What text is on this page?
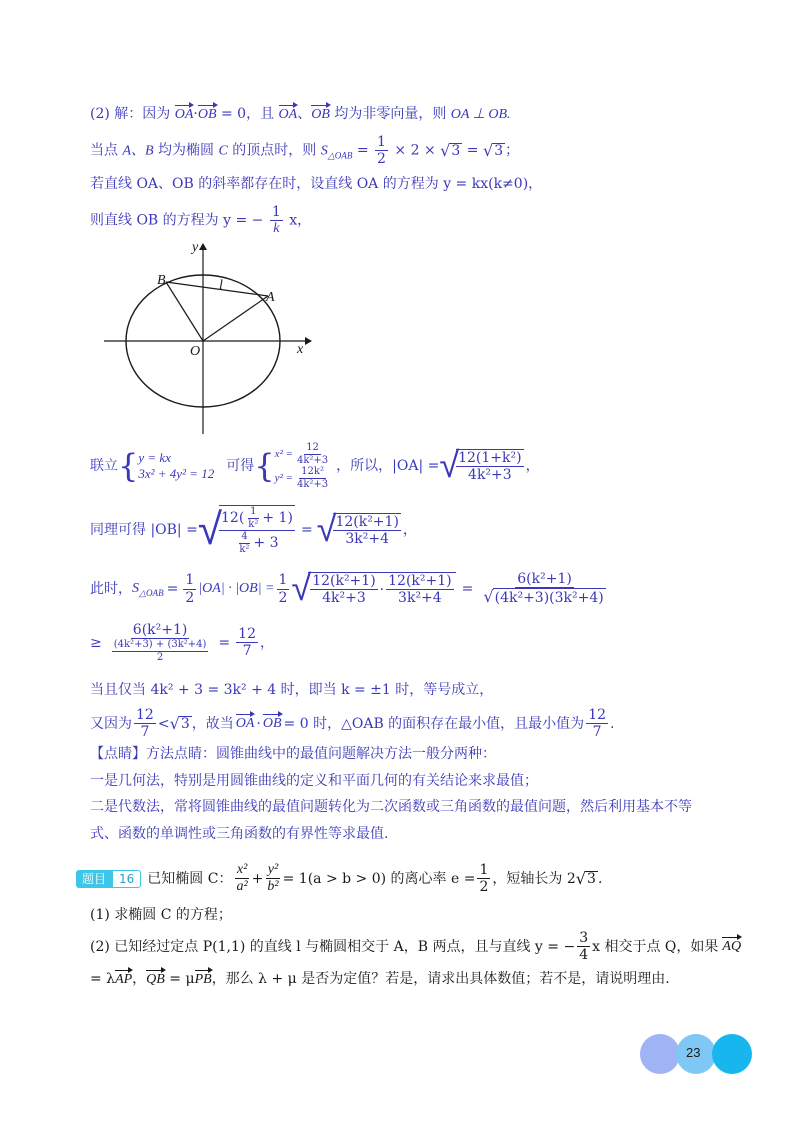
(2) 解：因为 OA·OB = 0，且 OA、OB 均为非零向量，则 OA ⊥ OB.
当点 A、B 均为椭圆 C 的顶点时，则 $S_{\triangle OAB} = \frac{1}{2} \times 2$ × √ 3 = √ 3 ；
若直线 OA、OB 的斜率都存在时，设直线 OA 的方程为 y = kx(k≠0)，
则直线 OB 的方程为 y = − $\frac{1}{k}$ x，
y
x
O
A
B	l
联立 { y = kx
3x² + 4y² = 12 可得 { $x^2 = \frac{12}{\text{4k²+3}}$
$y^2 = \frac{\text{12k²}}{\text{4k²+3}}$ ，所以，|OA| = √
$\frac{\text{12(1+k²)}}{\text{4k²+3}}$ ，
同理可得 |OB| = √
$\frac{12( \frac{1}{\text{k²}} + 1)}{\frac{4}{\text{k²}} + 3}$ = √
$\frac{\text{12(k²+1)}}{\text{3k²+4}}$ ，
此时， $S_{\triangle OAB} = \frac{1}{2} |OA| \cdot |OB| = \frac{1}{2}$ √ $\frac{\text{12(k²+1)}}{\text{4k²+3}} \cdot \frac{\text{12(k²+1)}}{\text{3k²+4}} = \frac{\text{6(k²+1)}}{\text{√ (4k²+3)(3k²+4)}}$
≥ $\frac{\text{6(k²+1)}}{\frac{\text{(4k²+3) + (3k²+4)}}{2}} = \frac{12}{7}$ ，
当且仅当 4k² + 3 = 3k² + 4 时，即当 k = ±1 时，等号成立，
又因为 $\frac{12}{7}$ < √ 3 ，故当 OA · OB = 0 时，△OAB 的面积存在最小值，且最小值为 $\frac{12}{7}$ .
【点睛】方法点睛：圆锥曲线中的最值问题解决方法一般分两种：
一是几何法，特别是用圆锥曲线的定义和平面几何的有关结论来求最值；
二是代数法，常将圆锥曲线的最值问题转化为二次函数或三角函数的最值问题，然后利用基本不等
式、函数的单调性或三角函数的有界性等求最值.
题目	16 已知椭圆 C： $\frac{\text{x²}}{\text{a²}} + \frac{\text{y²}}{\text{b²}} = 1(a > b > 0)$ 的离心率 $e = \frac{1}{2}$ ，短轴长为 2 √ 3 .
(1) 求椭圆 C 的方程；
(2) 已知经过定点 P(1,1) 的直线 l 与椭圆相交于 A，B 两点，且与直线 y = − $\frac{3}{4}$ x 相交于点 Q，如果 AQ
= λAP，QB = μPB，那么 λ + μ 是否为定值？若是，请求出具体数值；若不是，请说明理由.
23
